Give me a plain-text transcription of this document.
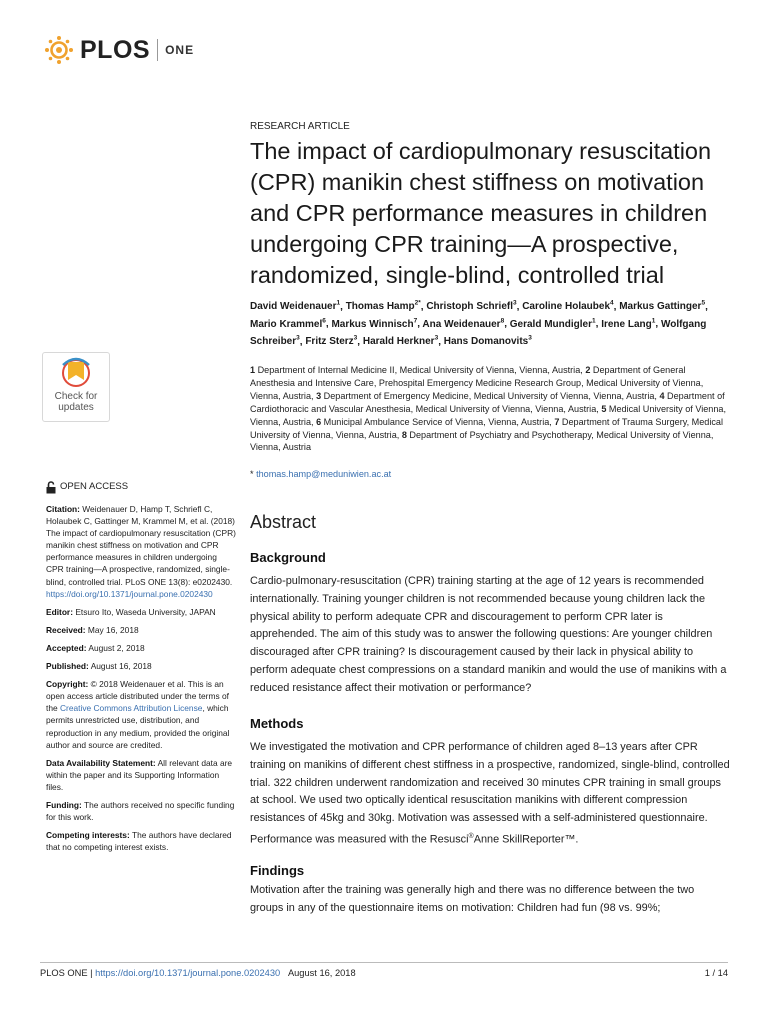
PLOS ONE
RESEARCH ARTICLE
The impact of cardiopulmonary resuscitation (CPR) manikin chest stiffness on motivation and CPR performance measures in children undergoing CPR training—A prospective, randomized, single-blind, controlled trial
David Weidenauer$^1$, Thomas Hamp$^{2*}$, Christoph Schriefl$^3$, Caroline Holaubek$^4$, Markus Gattinger$^5$, Mario Krammel$^6$, Markus Winnisch$^7$, Ana Weidenauer$^8$, Gerald Mundigler$^1$, Irene Lang$^1$, Wolfgang Schreiber$^3$, Fritz Sterz$^3$, Harald Herkner$^3$, Hans Domanovits$^3$
1 Department of Internal Medicine II, Medical University of Vienna, Vienna, Austria, 2 Department of General Anesthesia and Intensive Care, Prehospital Emergency Medicine Research Group, Medical University of Vienna, Vienna, Austria, 3 Department of Emergency Medicine, Medical University of Vienna, Vienna, Austria, 4 Department of Cardiothoracic and Vascular Anesthesia, Medical University of Vienna, Vienna, Austria, 5 Medical University of Vienna, Vienna, Austria, 6 Municipal Ambulance Service of Vienna, Vienna, Austria, 7 Department of Trauma Surgery, Medical University of Vienna, Vienna, Austria, 8 Department of Psychiatry and Psychotherapy, Medical University of Vienna, Vienna, Austria
* thomas.hamp@meduniwien.ac.at
Check for
updates

OPEN ACCESS

Citation: Weidenauer D, Hamp T, Schriefl C, Holaubek C, Gattinger M, Krammel M, et al. (2018) The impact of cardiopulmonary resuscitation (CPR) manikin chest stiffness on motivation and CPR performance measures in children undergoing CPR training—A prospective, randomized, single-blind, controlled trial. PLoS ONE 13(8): e0202430. https://doi.org/10.1371/journal.pone.0202430

Editor: Etsuro Ito, Waseda University, JAPAN

Received: May 16, 2018

Accepted: August 2, 2018

Published: August 16, 2018

Copyright: © 2018 Weidenauer et al. This is an open access article distributed under the terms of the Creative Commons Attribution License, which permits unrestricted use, distribution, and reproduction in any medium, provided the original author and source are credited.

Data Availability Statement: All relevant data are within the paper and its Supporting Information files.

Funding: The authors received no specific funding for this work.

Competing interests: The authors have declared that no competing interest exists.

Abstract
Background

Cardio-pulmonary-resuscitation (CPR) training starting at the age of 12 years is recommended internationally. Training younger children is not recommended because young children lack the physical ability to perform adequate CPR and discouragement to perform CPR later is apprehended. The aim of this study was to answer the following questions: Are younger children discouraged after CPR training? Is discouragement caused by their lack in physical ability to perform adequate chest compressions on a standard manikin and would the use of manikins with a reduced resistance affect their motivation or performance?

Methods

We investigated the motivation and CPR performance of children aged 8–13 years after CPR training on manikins of different chest stiffness in a prospective, randomized, single-blind, controlled trial. 322 children underwent randomization and received 30 minutes CPR training in small groups at school. We used two optically identical resuscitation manikins with different compression resistances of 45kg and 30kg. Motivation was assessed with a self-administered questionnaire. Performance was measured with the Resusci®Anne SkillReporter™.

Findings

Motivation after the training was generally high and there was no difference between the two groups in any of the questionnaire items on motivation: Children had fun (98 vs. 99%;

PLOS ONE | https://doi.org/10.1371/journal.pone.0202430 August 16, 2018	1 / 14
